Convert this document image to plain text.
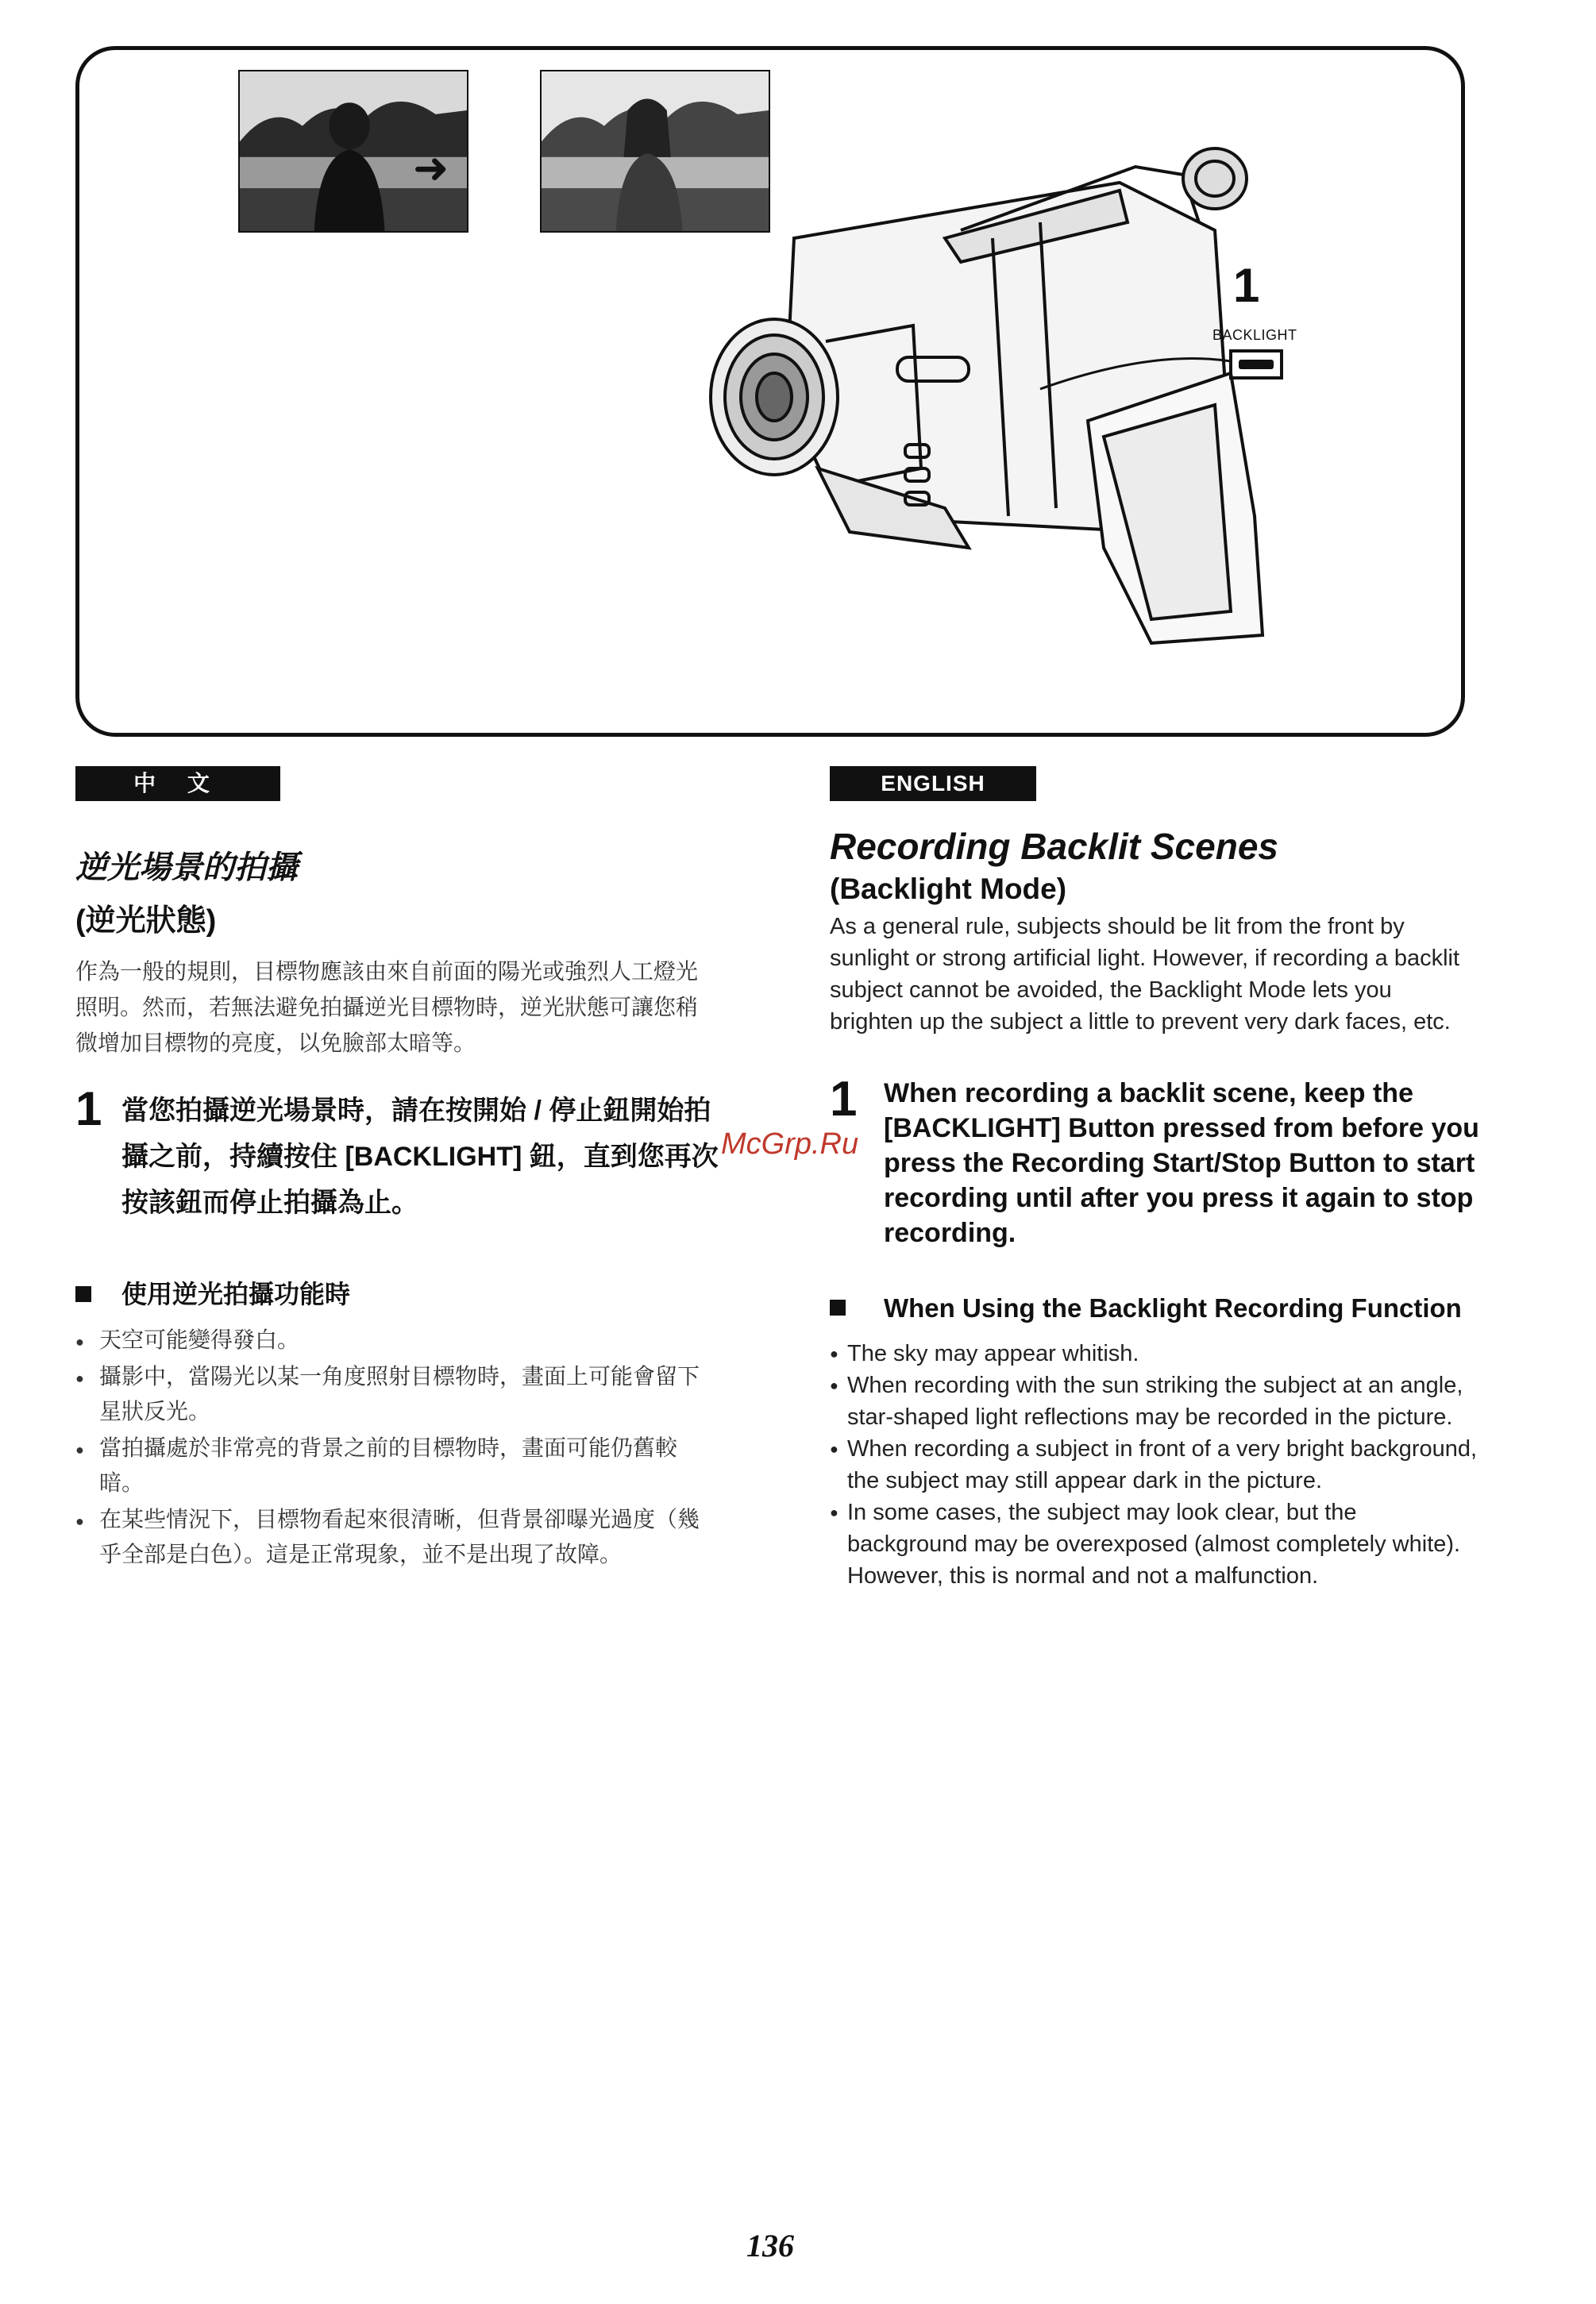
➜
1
BACKLIGHT
中 文
逆光場景的拍攝
(逆光狀態)
作為一般的規則，目標物應該由來自前面的陽光或強烈人工燈光照明。然而，若無法避免拍攝逆光目標物時，逆光狀態可讓您稍微增加目標物的亮度，以免臉部太暗等。
1 當您拍攝逆光場景時，請在按開始 / 停止鈕開始拍攝之前，持續按住 [BACKLIGHT] 鈕，直到您再次按該鈕而停止拍攝為止。
使用逆光拍攝功能時
● 天空可能變得發白。
● 攝影中，當陽光以某一角度照射目標物時，畫面上可能會留下星狀反光。
● 當拍攝處於非常亮的背景之前的目標物時，畫面可能仍舊較暗。
● 在某些情況下，目標物看起來很清晰，但背景卻曝光過度（幾乎全部是白色）。這是正常現象，並不是出現了故障。
ENGLISH
Recording Backlit Scenes
(Backlight Mode)
As a general rule, subjects should be lit from the front by sunlight or strong artificial light. However, if recording a backlit subject cannot be avoided, the Backlight Mode lets you brighten up the subject a little to prevent very dark faces, etc.
1 When recording a backlit scene, keep the [BACKLIGHT] Button pressed from before you press the Recording Start/Stop Button to start recording until after you press it again to stop recording.
When Using the Backlight Recording Function
● The sky may appear whitish.
● When recording with the sun striking the subject at an angle, star-shaped light reflections may be recorded in the picture.
● When recording a subject in front of a very bright background, the subject may still appear dark in the picture.
● In some cases, the subject may look clear, but the background may be overexposed (almost completely white). However, this is normal and not a malfunction.
McGrp.Ru
136
